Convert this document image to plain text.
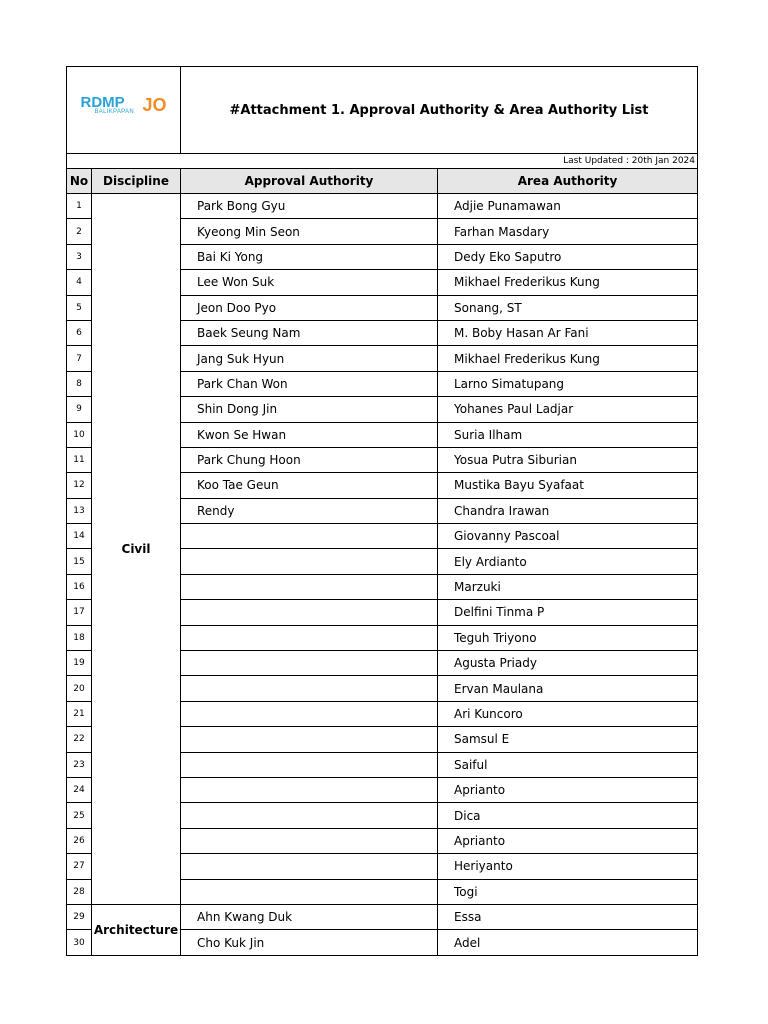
RDMP
BALIKPAPAN JO		#Attachment 1. Approval Authority & Area Authority List	
Last Updated : 20th Jan 2024			
No	Discipline	Approval Authority	Area Authority
1	Civil	Park Bong Gyu	Adjie Punamawan
2		Kyeong Min Seon	Farhan Masdary
3		Bai Ki Yong	Dedy Eko Saputro
4		Lee Won Suk	Mikhael Frederikus Kung
5		Jeon Doo Pyo	Sonang, ST
6		Baek Seung Nam	M. Boby Hasan Ar Fani
7		Jang Suk Hyun	Mikhael Frederikus Kung
8		Park Chan Won	Larno Simatupang
9		Shin Dong Jin	Yohanes Paul Ladjar
10		Kwon Se Hwan	Suria Ilham
11		Park Chung Hoon	Yosua Putra Siburian
12		Koo Tae Geun	Mustika Bayu Syafaat
13		Rendy	Chandra Irawan
14			Giovanny Pascoal
15			Ely Ardianto
16			Marzuki
17			Delfini Tinma P
18			Teguh Triyono
19			Agusta Priady
20			Ervan Maulana
21			Ari Kuncoro
22			Samsul E
23			Saiful
24			Aprianto
25			Dica
26			Aprianto
27			Heriyanto
28			Togi
29	Architecture	Ahn Kwang Duk	Essa
30		Cho Kuk Jin	Adel
